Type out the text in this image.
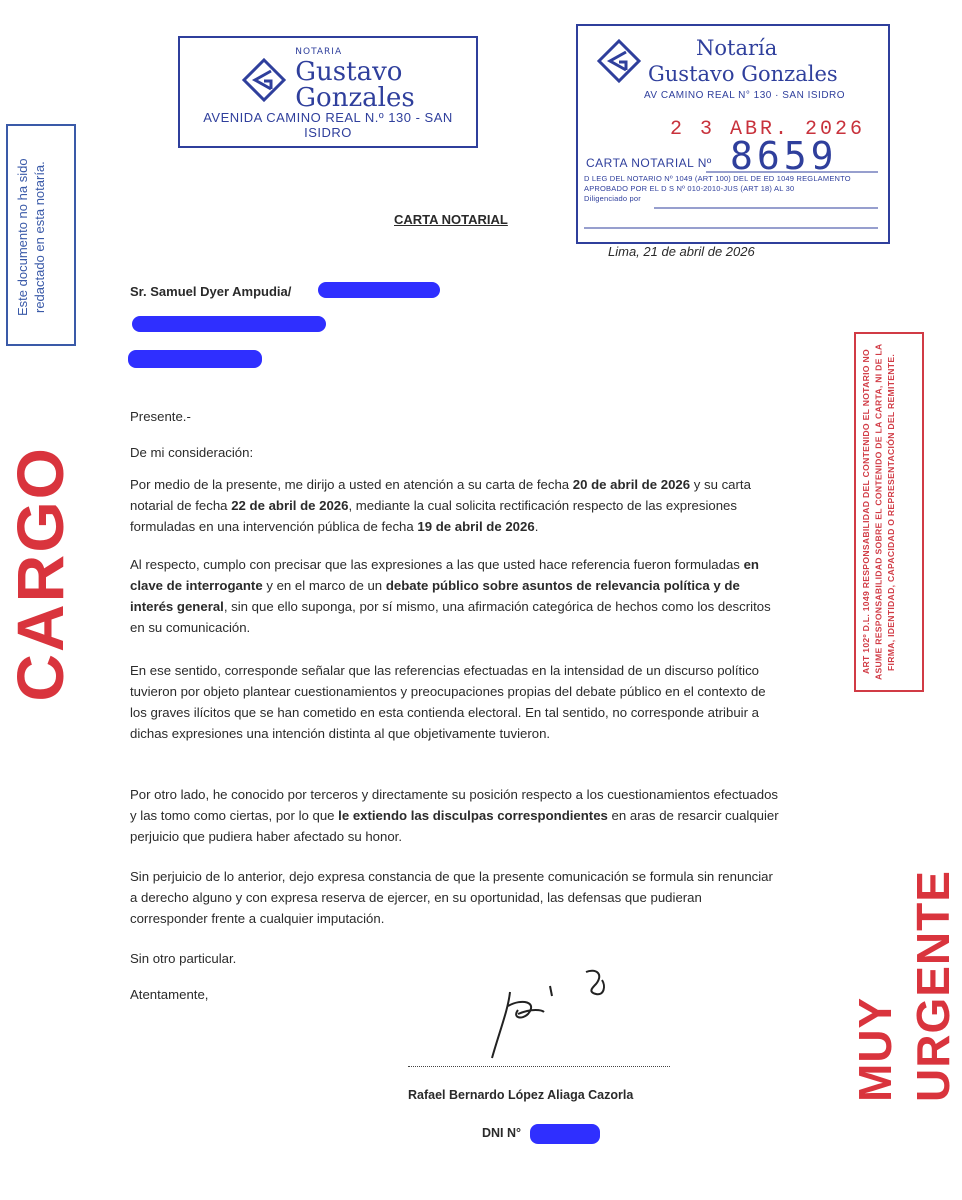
NOTARIA
Gustavo
Gonzales
AVENIDA CAMINO REAL N.º 130 - SAN ISIDRO
Notaría
Gustavo Gonzales
AV CAMINO REAL N° 130 · SAN ISIDRO
2 3 ABR. 2026
CARTA NOTARIAL Nº 8659
D LEG DEL NOTARIO Nº 1049 (ART 100) DEL DE ED 1049 REGLAMENTO
APROBADO POR EL D S Nº 010-2010-JUS (ART 18) AL 30
Diligenciado por
Este documento no ha sido redactado en esta notaría.
CARGO	ART 102º D.L. 1049 RESPONSABILIDAD DEL CONTENIDO EL NOTARIO NO ASUME RESPONSABILIDAD SOBRE EL CONTENIDO DE LA CARTA, NI DE LA FIRMA, IDENTIDAD, CAPACIDAD O REPRESENTACIÓN DEL REMITENTE.
MUY URGENTE
CARTA NOTARIAL
Lima, 21 de abril de 2026
Sr. Samuel Dyer Ampudia/
Presente.-
De mi consideración:

Por medio de la presente, me dirijo a usted en atención a su carta de fecha 20 de abril de 2026 y su carta notarial de fecha 22 de abril de 2026, mediante la cual solicita rectificación respecto de las expresiones formuladas en una intervención pública de fecha 19 de abril de 2026.

Al respecto, cumplo con precisar que las expresiones a las que usted hace referencia fueron formuladas en clave de interrogante y en el marco de un debate público sobre asuntos de relevancia política y de interés general, sin que ello suponga, por sí mismo, una afirmación categórica de hechos como los descritos en su comunicación.

En ese sentido, corresponde señalar que las referencias efectuadas en la intensidad de un discurso político tuvieron por objeto plantear cuestionamientos y preocupaciones propias del debate público en el contexto de los graves ilícitos que se han cometido en esta contienda electoral. En tal sentido, no corresponde atribuir a dichas expresiones una intención distinta al que objetivamente tuvieron.

Por otro lado, he conocido por terceros y directamente su posición respecto a los cuestionamientos efectuados y las tomo como ciertas, por lo que le extiendo las disculpas correspondientes en aras de resarcir cualquier perjuicio que pudiera haber afectado su honor.

Sin perjuicio de lo anterior, dejo expresa constancia de que la presente comunicación se formula sin renunciar a derecho alguno y con expresa reserva de ejercer, en su oportunidad, las defensas que pudieran corresponder frente a cualquier imputación.

Sin otro particular.
Atentamente,
Rafael Bernardo López Aliaga Cazorla
DNI N°
